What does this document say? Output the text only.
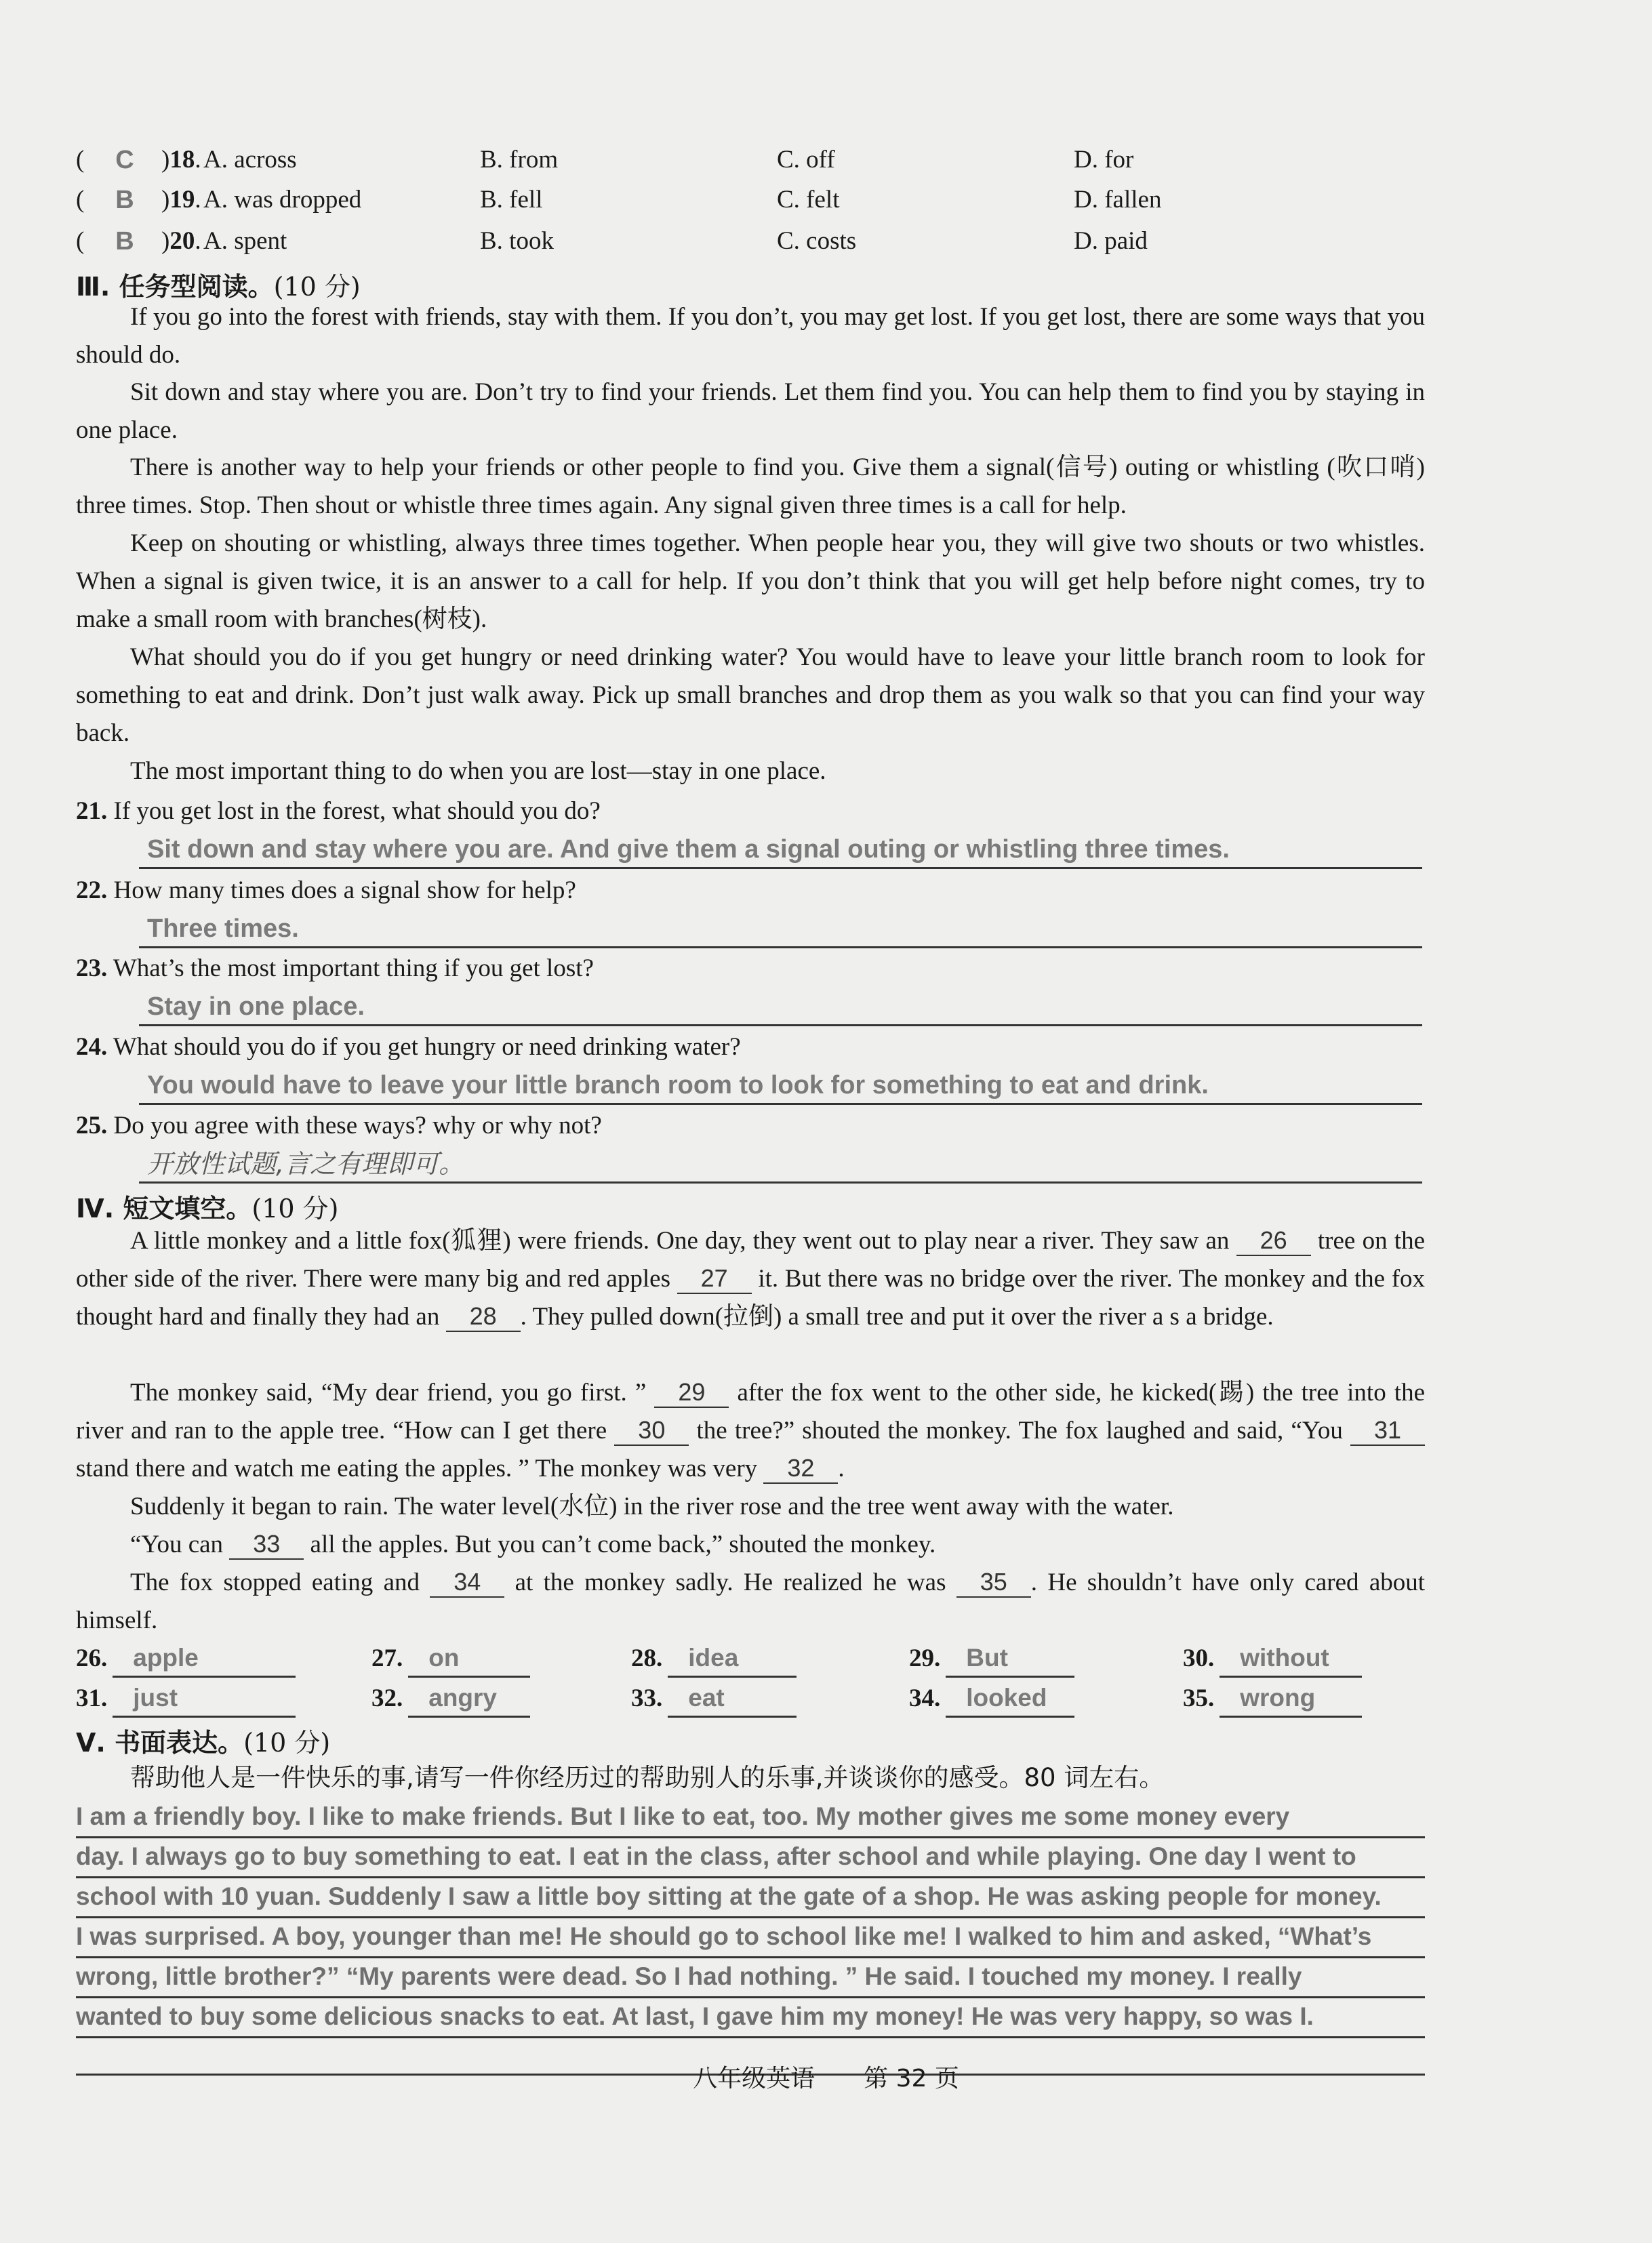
( C )18. A. across	B. from	C. off	D. for
( B )19. A. was dropped	B. fell	C. felt	D. fallen
( B )20. A. spent	B. took	C. costs	D. paid
Ⅲ. 任务型阅读。(10 分)

If you go into the forest with friends, stay with them. If you don’t, you may get lost. If you get lost, there are some ways that you should do.

Sit down and stay where you are. Don’t try to find your friends. Let them find you. You can help them to find you by staying in one place.

There is another way to help your friends or other people to find you. Give them a signal(信号) outing or whistling (吹口哨) three times. Stop. Then shout or whistle three times again. Any signal given three times is a call for help.

Keep on shouting or whistling, always three times together. When people hear you, they will give two shouts or two whistles. When a signal is given twice, it is an answer to a call for help. If you don’t think that you will get help before night comes, try to make a small room with branches(树枝).

What should you do if you get hungry or need drinking water? You would have to leave your little branch room to look for something to eat and drink. Don’t just walk away. Pick up small branches and drop them as you walk so that you can find your way back.

The most important thing to do when you are lost—stay in one place.

21. If you get lost in the forest, what should you do?
Sit down and stay where you are. And give them a signal outing or whistling three times.
22. How many times does a signal show for help?
Three times.
23. What’s the most important thing if you get lost?
Stay in one place.
24. What should you do if you get hungry or need drinking water?
You would have to leave your little branch room to look for something to eat and drink.
25. Do you agree with these ways? why or why not?
开放性试题,言之有理即可。
Ⅳ. 短文填空。(10 分)

A little monkey and a little fox(狐狸) were friends. One day, they went out to play near a river. They saw an 26 tree on the other side of the river. There were many big and red apples 27 it. But there was no bridge over the river. The monkey and the fox thought hard and finally they had an 28 . They pulled down(拉倒) a small tree and put it over the river a s a bridge.

The monkey said, “My dear friend, you go first. ” 29 after the fox went to the other side, he kicked(踢) the tree into the river and ran to the apple tree. “How can I get there 30 the tree?” shouted the monkey. The fox laughed and said, “You 31 stand there and watch me eating the apples. ” The monkey was very 32 .

Suddenly it began to rain. The water level(水位) in the river rose and the tree went away with the water.

“You can 33 all the apples. But you can’t come back,” shouted the monkey.

The fox stopped eating and 34 at the monkey sadly. He realized he was 35 . He shouldn’t have only cared about himself.

26. apple	27. on	28. idea	29. But	30. without
31. just	32. angry	33. eat	34. looked	35. wrong
Ⅴ. 书面表达。(10 分)
帮助他人是一件快乐的事,请写一件你经历过的帮助别人的乐事,并谈谈你的感受。80 词左右。
I am a friendly boy. I like to make friends. But I like to eat, too. My mother gives me some money every
day. I always go to buy something to eat. I eat in the class, after school and while playing. One day I went to
school with 10 yuan. Suddenly I saw a little boy sitting at the gate of a shop. He was asking people for money.
I was surprised. A boy, younger than me! He should go to school like me! I walked to him and asked, “What’s
wrong, little brother?” “My parents were dead. So I had nothing. ” He said. I touched my money. I really
wanted to buy some delicious snacks to eat. At last, I gave him my money! He was very happy, so was I.
八年级英语　　第 32 页
